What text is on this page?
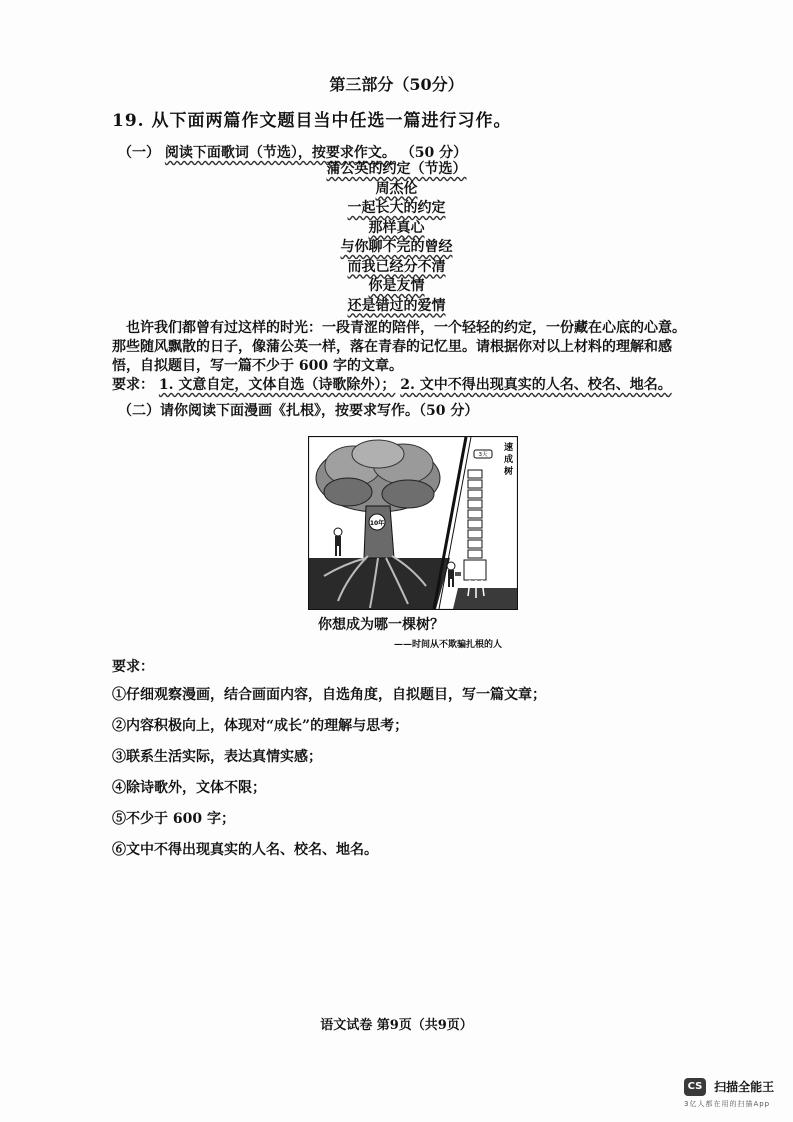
第三部分（50分）
19. 从下面两篇作文题目当中任选一篇进行习作。
（一） 阅读下面歌词（节选），按要求作文。 （50 分）
蒲公英的约定（节选）
周杰伦
一起长大的约定
那样真心
与你聊不完的曾经
而我已经分不清
你是友情
还是错过的爱情
也许我们都曾有过这样的时光：一段青涩的陪伴，一个轻轻的约定，一份藏在心底的心意。
那些随风飘散的日子，像蒲公英一样，落在青春的记忆里。请根据你对以上材料的理解和感
悟，自拟题目，写一篇不少于 600 字的文章。
要求： 1. 文意自定，文体自选（诗歌除外）； 2. 文中不得出现真实的人名、校名、地名。
（二）请你阅读下面漫画《扎根》，按要求写作。（50 分）
10年
3天
速 成 树
你想成为哪一棵树？
——时间从不欺骗扎根的人
要求：
①仔细观察漫画，结合画面内容，自选角度，自拟题目，写一篇文章；
②内容积极向上，体现对“成长”的理解与思考；
③联系生活实际，表达真情实感；
④除诗歌外，文体不限；
⑤不少于 600 字；
⑥文中不得出现真实的人名、校名、地名。
语文试卷 第9页（共9页）
CS 扫描全能王
3亿人都在用的扫描App
